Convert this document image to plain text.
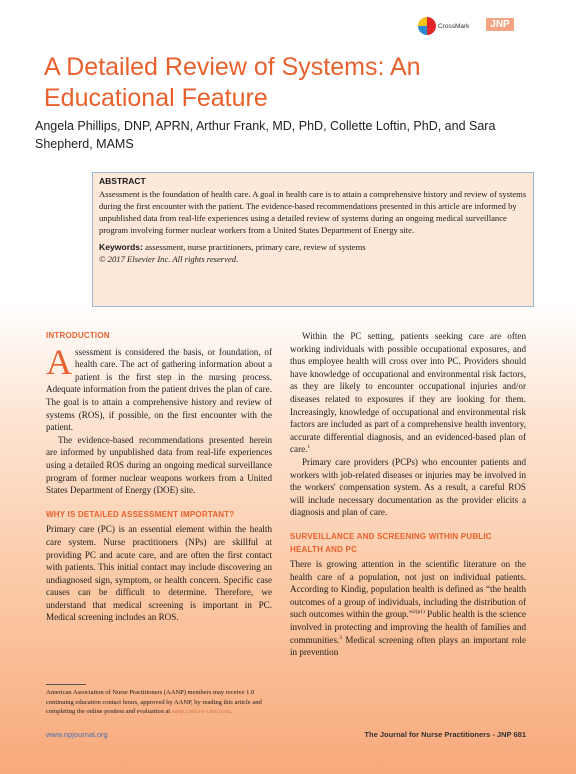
CrossMark	JNP
A Detailed Review of Systems: An Educational Feature
Angela Phillips, DNP, APRN, Arthur Frank, MD, PhD, Collette Loftin, PhD, and Sara Shepherd, MAMS
ABSTRACT
Assessment is the foundation of health care. A goal in health care is to attain a comprehensive history and review of systems during the first encounter with the patient. The evidence-based recommendations presented in this article are informed by unpublished data from real-life experiences using a detailed review of systems during an ongoing medical surveillance program involving former nuclear workers from a United States Department of Energy site.
Keywords: assessment, nurse practitioners, primary care, review of systems
© 2017 Elsevier Inc. All rights reserved.
INTRODUCTION

Assessment is considered the basis, or foundation, of health care. The act of gathering information about a patient is the first step in the nursing process. Adequate information from the patient drives the plan of care. The goal is to attain a comprehensive history and review of systems (ROS), if possible, on the first encounter with the patient.

The evidence-based recommendations presented herein are informed by unpublished data from real-life experiences using a detailed ROS during an ongoing medical surveillance program of former nuclear weapons workers from a United States Department of Energy (DOE) site.

WHY IS DETAILED ASSESSMENT IMPORTANT?

Primary care (PC) is an essential element within the health care system. Nurse practitioners (NPs) are skillful at providing PC and acute care, and are often the first contact with patients. This initial contact may include discovering an undiagnosed sign, symptom, or health concern. Specific case causes can be difficult to determine. Therefore, we understand that medical screening is important in PC. Medical screening includes an ROS.

Within the PC setting, patients seeking care are often working individuals with possible occupational exposures, and thus employee health will cross over into PC. Providers should have knowledge of occupational and environmental risk factors, as they are likely to encounter occupational injuries and/or diseases related to exposures if they are looking for them. Increasingly, knowledge of occupational and environmental risk factors are included as part of a comprehensive health inventory, accurate differential diagnosis, and an evidenced-based plan of care.$^1$

Primary care providers (PCPs) who encounter patients and workers with job-related diseases or injuries may be involved in the workers' compensation system. As a result, a careful ROS will include necessary documentation as the provider elicits a diagnosis and plan of care.

SURVEILLANCE AND SCREENING WITHIN PUBLIC HEALTH AND PC

There is growing attention in the scientific literature on the health care of a population, not just on individual patients. According to Kindig, population health is defined as “the health outcomes of a group of individuals, including the distribution of such outcomes within the group.”$^{2(p1)}$ Public health is the science involved in protecting and improving the health of families and communities.$^3$ Medical screening often plays an important role in prevention

American Association of Nurse Practitioners (AANP) members may receive 1.0 continuing education contact hours, approved by AANP, by reading this article and completing the online posttest and evaluation at aanp.com/ce-cme.com.
www.npjournal.org	The Journal for Nurse Practitioners - JNP 681
